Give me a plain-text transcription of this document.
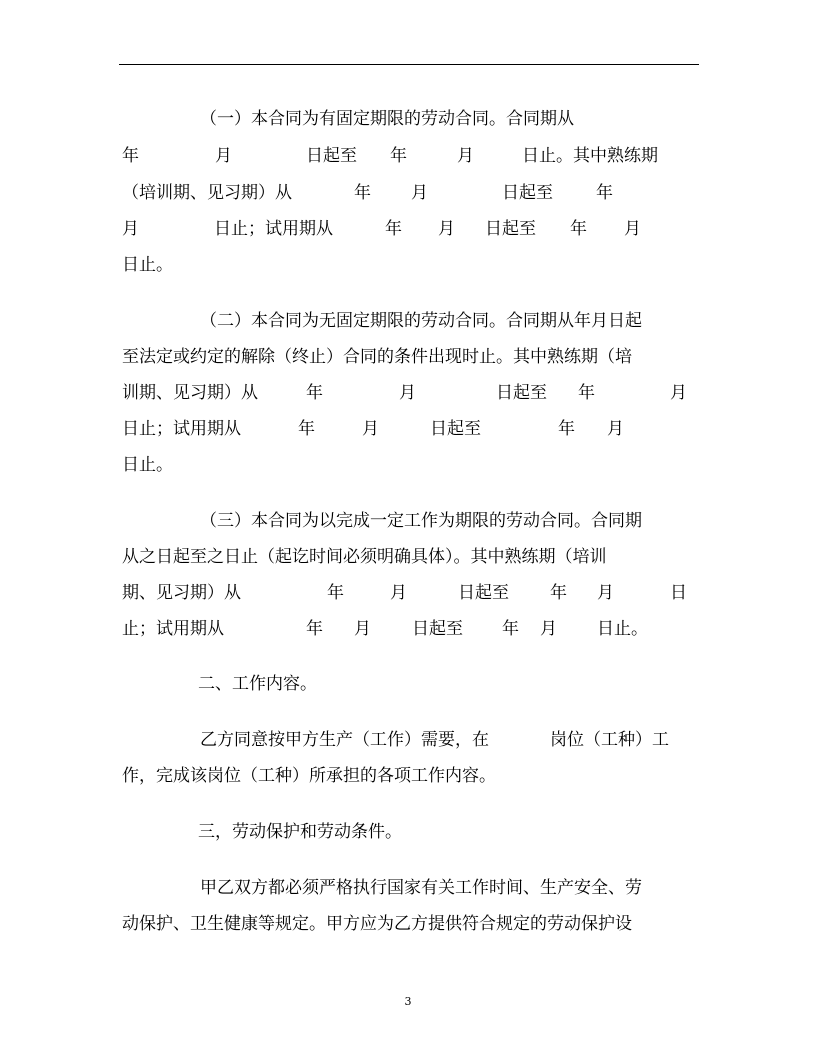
（一）本合同为有固定期限的劳动合同。合同期从
年	月	日起至 年	月	日止。其中熟练期
（培训期、见习期）从	年 月	日起至	年
月	日止；试用期从	年 月 日起至 年 月
日止。
（二）本合同为无固定期限的劳动合同。合同期从年月日起
至法定或约定的解除（终止）合同的条件出现时止。其中熟练期（培
训期、见习期）从	年	月	日起至 年	月
日止；试用期从	年	月	日起至	年 月
日止。
（三）本合同为以完成一定工作为期限的劳动合同。合同期
从之日起至之日止（起讫时间必须明确具体）。其中熟练期（培训
期、见习期）从	年	月	日起至 年 月	日
止；试用期从	年 月 日起至 年 月 日止。
二、工作内容。
乙方同意按甲方生产（工作）需要，在	岗位（工种）工
作，完成该岗位（工种）所承担的各项工作内容。
三，劳动保护和劳动条件。
甲乙双方都必须严格执行国家有关工作时间、生产安全、劳
动保护、卫生健康等规定。甲方应为乙方提供符合规定的劳动保护设
3
